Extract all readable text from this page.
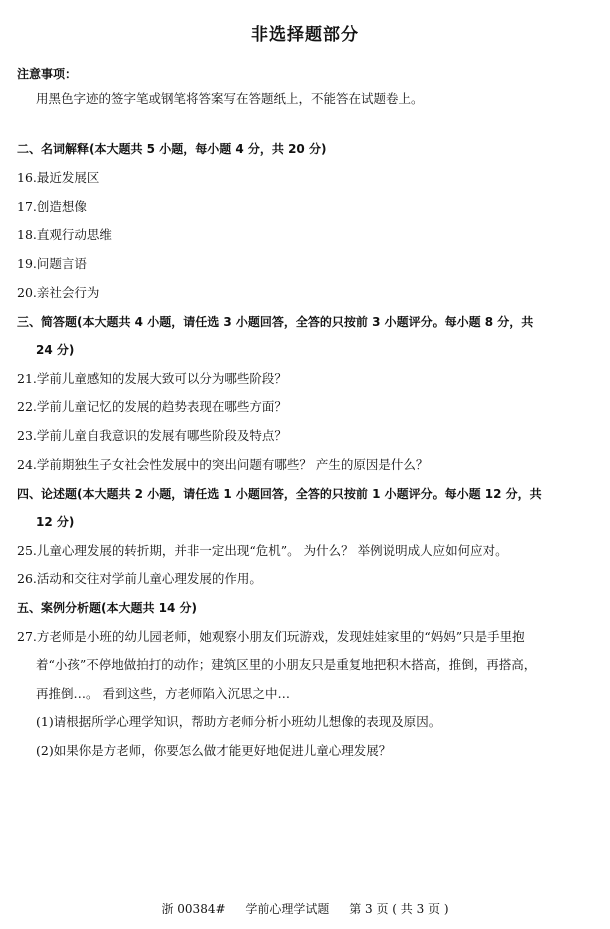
非选择题部分
注意事项：
用黑色字迹的签字笔或钢笔将答案写在答题纸上，不能答在试题卷上。
二、名词解释(本大题共 5 小题，每小题 4 分，共 20 分)
16.最近发展区
17.创造想像
18.直观行动思维
19.问题言语
20.亲社会行为
三、简答题(本大题共 4 小题，请任选 3 小题回答，全答的只按前 3 小题评分。每小题 8 分，共
24 分)
21.学前儿童感知的发展大致可以分为哪些阶段？
22.学前儿童记忆的发展的趋势表现在哪些方面？
23.学前儿童自我意识的发展有哪些阶段及特点？
24.学前期独生子女社会性发展中的突出问题有哪些？ 产生的原因是什么？
四、论述题(本大题共 2 小题，请任选 1 小题回答，全答的只按前 1 小题评分。每小题 12 分，共
12 分)
25.儿童心理发展的转折期，并非一定出现“危机”。 为什么？ 举例说明成人应如何应对。
26.活动和交往对学前儿童心理发展的作用。
五、案例分析题(本大题共 14 分)
27.方老师是小班的幼儿园老师，她观察小朋友们玩游戏，发现娃娃家里的“妈妈”只是手里抱
着“小孩”不停地做拍打的动作；建筑区里的小朋友只是重复地把积木搭高，推倒，再搭高，
再推倒…。 看到这些，方老师陷入沉思之中…
(1)请根据所学心理学知识，帮助方老师分析小班幼儿想像的表现及原因。
(2)如果你是方老师，你要怎么做才能更好地促进儿童心理发展？
浙 00384# 学前心理学试题 第 3 页 ( 共 3 页 )
